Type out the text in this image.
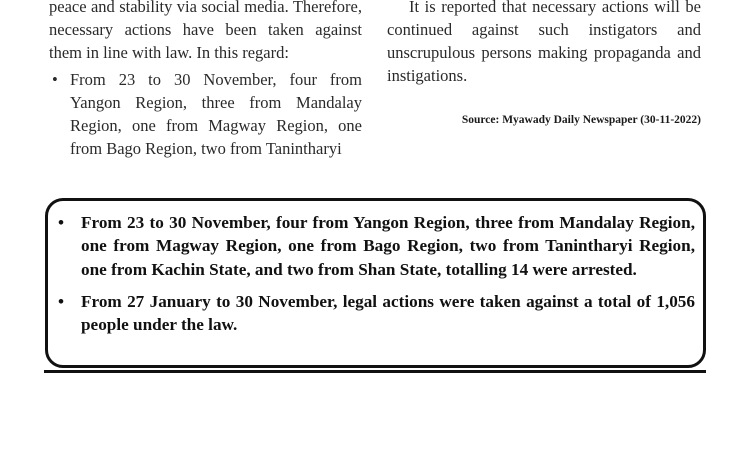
peace and stability via social media. Therefore, necessary actions have been taken against them in line with law. In this regard:

• From 23 to 30 November, four from Yangon Region, three from Mandalay Region, one from Magway Region, one from Bago Region, two from Tanintharyi

It is reported that necessary actions will be continued against such instigators and unscrupulous persons making propaganda and instigations.

Source: Myawady Daily Newspaper (30-11-2022)
• From 23 to 30 November, four from Yangon Region, three from Mandalay Region, one from Magway Region, one from Bago Region, two from Tanintharyi Region, one from Kachin State, and two from Shan State, totalling 14 were arrested.
• From 27 January to 30 November, legal actions were taken against a total of 1,056 people under the law.
